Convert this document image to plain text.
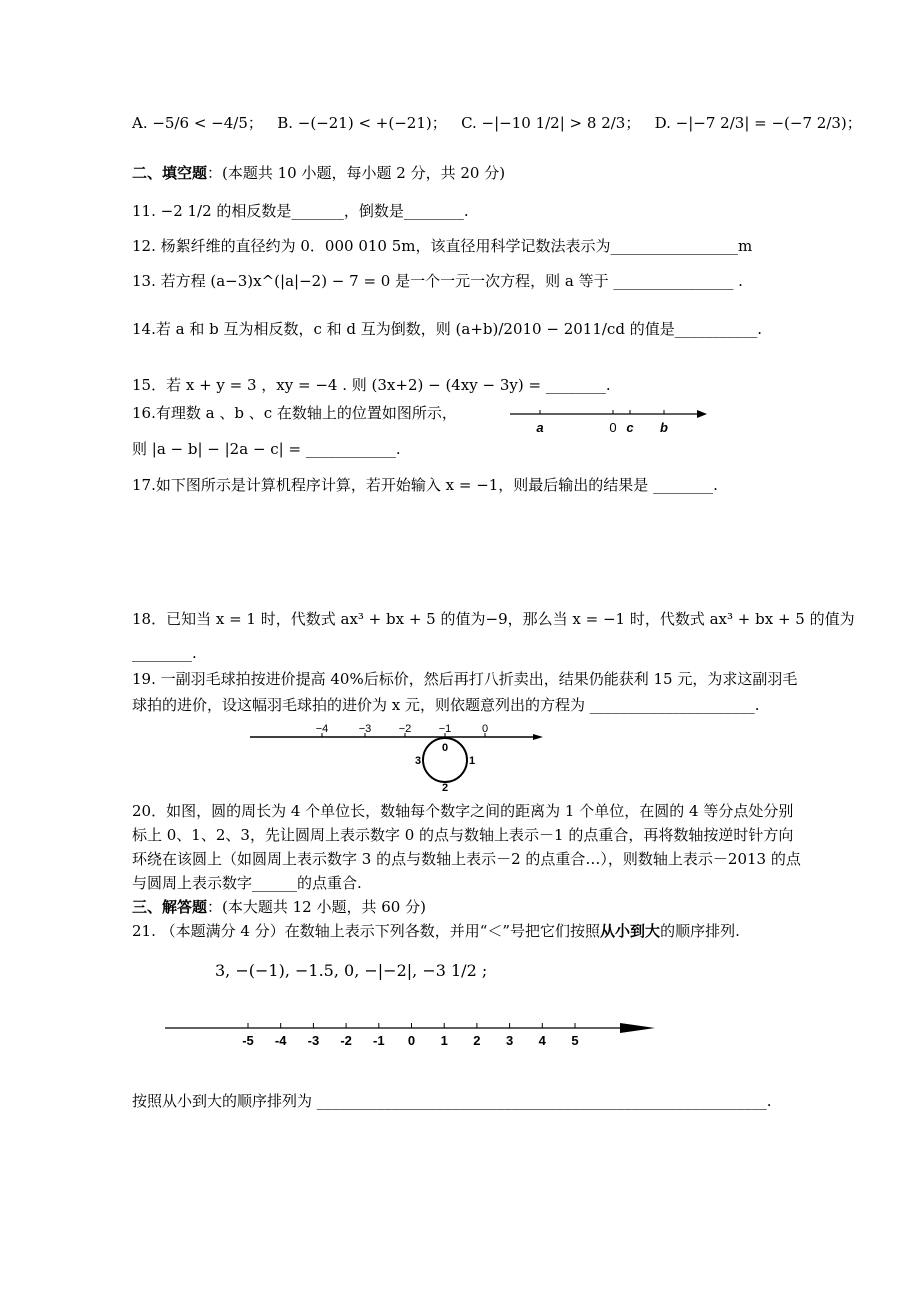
A. −5/6 < −4/5； B. −(−21) < +(−21)； C. −|−10 1/2| > 8 2/3； D. −|−7 2/3| = −(−7 2/3)；
二、填空题：(本题共 10 小题，每小题 2 分，共 20 分)
11. −2 1/2 的相反数是_______，倒数是________.
12. 杨絮纤维的直径约为 0．000 010 5m，该直径用科学记数法表示为_________________m
13. 若方程 (a−3)x^(|a|−2) − 7 = 0 是一个一元一次方程，则 a 等于 ________________ .
14.若 a 和 b 互为相反数，c 和 d 互为倒数，则 (a+b)/2010 − 2011/cd 的值是___________.
15．若 x + y = 3 ，xy = −4 . 则 (3x+2) − (4xy − 3y) = ________.
16.有理数 a 、b 、c 在数轴上的位置如图所示，
则 |a − b| − |2a − c| = ____________.
a	0 c b
17.如下图所示是计算机程序计算，若开始输入 x = −1，则最后输出的结果是 ________.
18．已知当 x = 1 时，代数式 ax³ + bx + 5 的值为−9，那么当 x = −1 时，代数式 ax³ + bx + 5 的值为
________.
19. 一副羽毛球拍按进价提高 40%后标价，然后再打八折卖出，结果仍能获利 15 元，为求这副羽毛
球拍的进价，设这幅羽毛球拍的进价为 x 元，则依题意列出的方程为 ______________________.
−4	−3 −2 −1	0
0
1
2
3
20．如图，圆的周长为 4 个单位长，数轴每个数字之间的距离为 1 个单位，在圆的 4 等分点处分别
标上 0、1、2、3，先让圆周上表示数字 0 的点与数轴上表示－1 的点重合，再将数轴按逆时针方向
环绕在该圆上（如圆周上表示数字 3 的点与数轴上表示－2 的点重合…），则数轴上表示－2013 的点
与圆周上表示数字______的点重合.
三、解答题：(本大题共 12 小题，共 60 分)
21. （本题满分 4 分）在数轴上表示下列各数，并用“＜”号把它们按照从小到大的顺序排列.
3, −(−1), −1.5, 0, −|−2|, −3 1/2 ;
-5 -4 -3 -2 -1 0 1 2 3 4 5
按照从小到大的顺序排列为 ____________________________________________________________.
